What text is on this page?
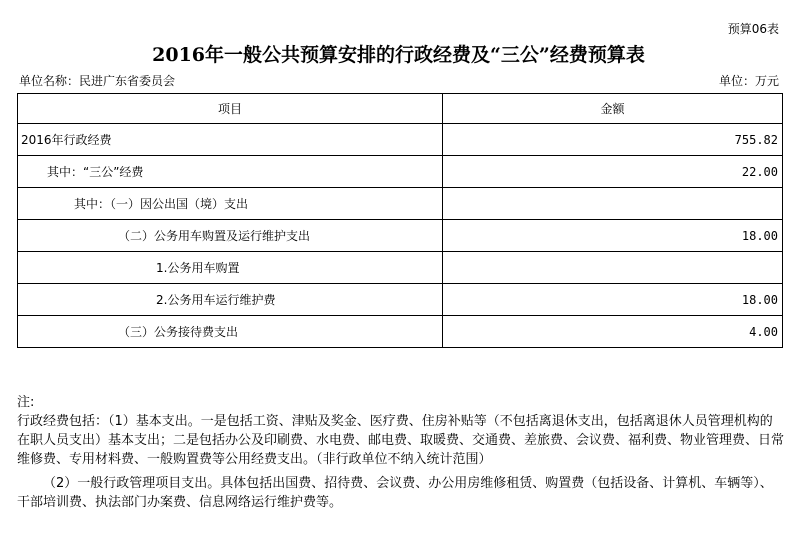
预算06表
2016年一般公共预算安排的行政经费及“三公”经费预算表
单位名称：民进广东省委员会	单位：万元
项目	金额
2016年行政经费	755.82
其中：“三公”经费	22.00
其中：（一）因公出国（境）支出	
（二）公务用车购置及运行维护支出	18.00
1.公务用车购置	
2.公务用车运行维护费	18.00
（三）公务接待费支出	4.00

注:

行政经费包括：（1）基本支出。一是包括工资、津贴及奖金、医疗费、住房补贴等（不包括离退休支出，包括离退休人员管理机构的在职人员支出）基本支出；二是包括办公及印刷费、水电费、邮电费、取暖费、交通费、差旅费、会议费、福利费、物业管理费、日常维修费、专用材料费、一般购置费等公用经费支出。（非行政单位不纳入统计范围）

（2）一般行政管理项目支出。具体包括出国费、招待费、会议费、办公用房维修租赁、购置费（包括设备、计算机、车辆等）、干部培训费、执法部门办案费、信息网络运行维护费等。
